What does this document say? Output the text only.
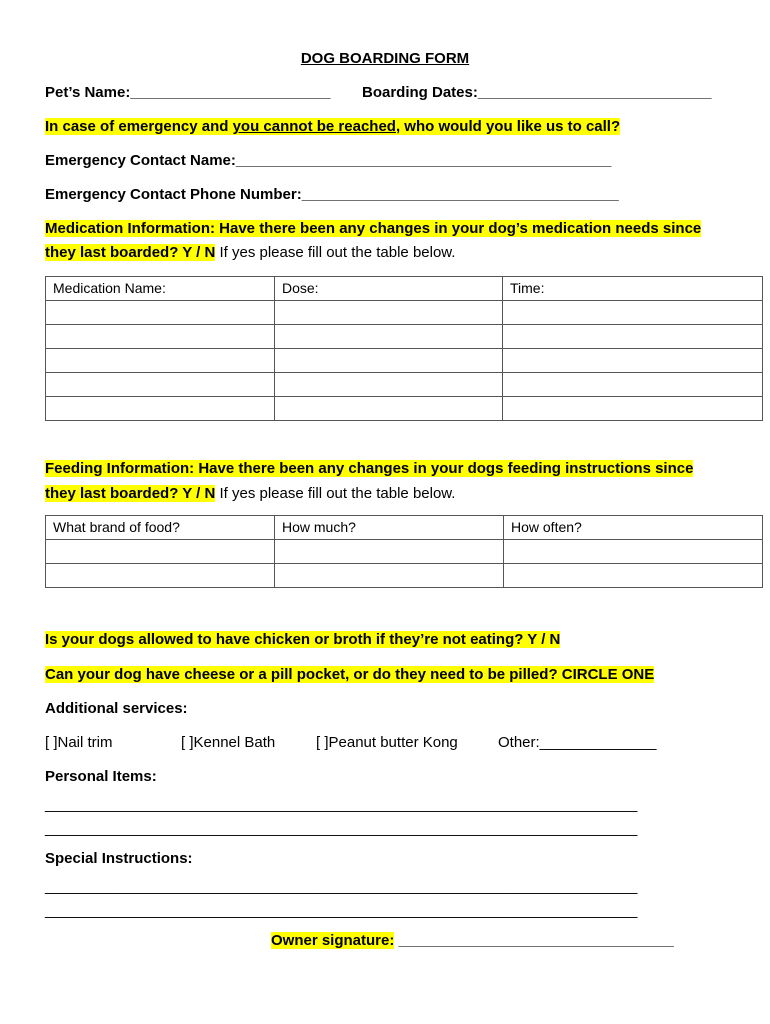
DOG BOARDING FORM
Pet’s Name:________________________ Boarding Dates:____________________________
In case of emergency and you cannot be reached, who would you like us to call?
Emergency Contact Name:_____________________________________________
Emergency Contact Phone Number:______________________________________
Medication Information: Have there been any changes in your dog’s medication needs since
they last boarded? Y / N If yes please fill out the table below.
Medication Name:	Dose:	Time:

Feeding Information: Have there been any changes in your dogs feeding instructions since
they last boarded? Y / N If yes please fill out the table below.
What brand of food?	How much?	How often?

Is your dogs allowed to have chicken or broth if they’re not eating? Y / N
Can your dog have cheese or a pill pocket, or do they need to be pilled? CIRCLE ONE
Additional services:
[ ]Nail trim	[ ]Kennel Bath	[ ]Peanut butter Kong	Other:______________
Personal Items:
_______________________________________________________________________
_______________________________________________________________________
Special Instructions:
_______________________________________________________________________
_______________________________________________________________________
Owner signature: _________________________________
